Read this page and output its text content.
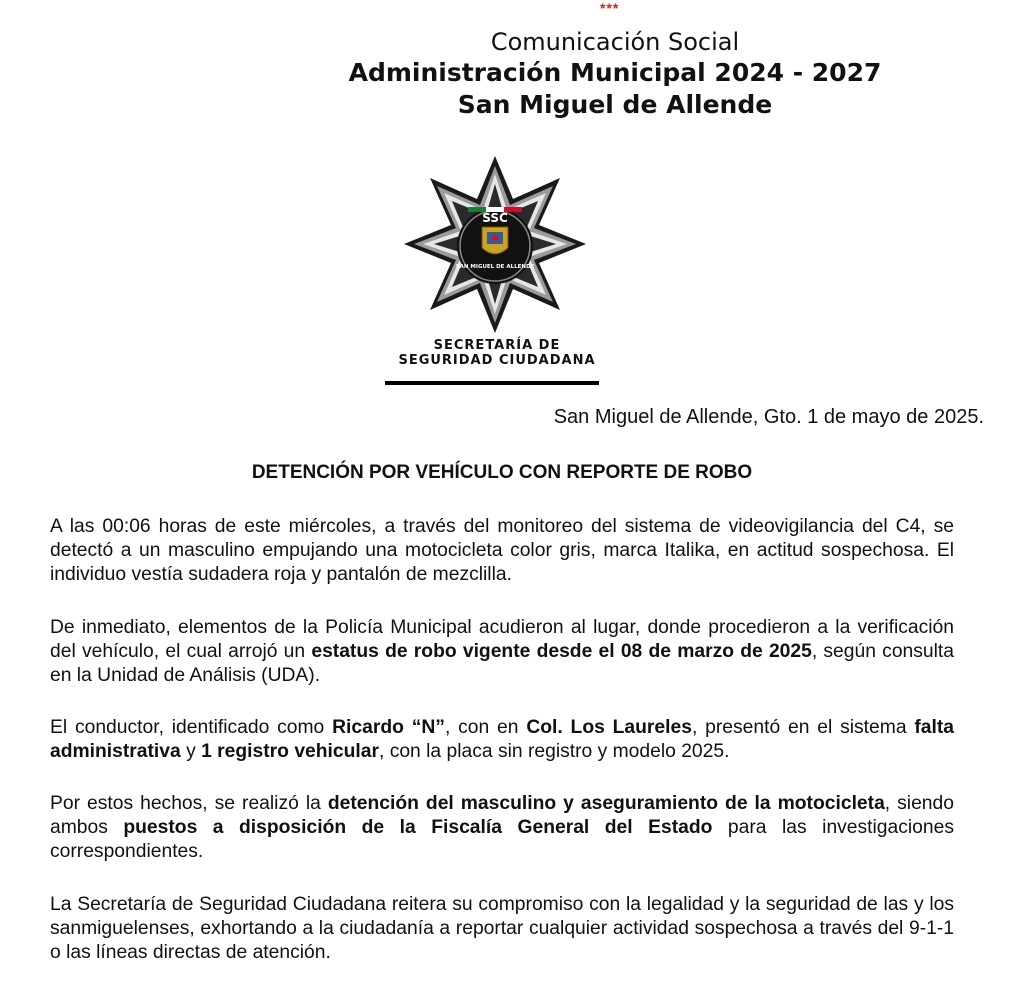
***
Comunicación Social
Administración Municipal 2024 - 2027
San Miguel de Allende
SSC
SAN MIGUEL DE ALLENDE
SECRETARÍA DE
SEGURIDAD CIUDADANA
San Miguel de Allende, Gto. 1 de mayo de 2025.
DETENCIÓN POR VEHÍCULO CON REPORTE DE ROBO
A las 00:06 horas de este miércoles, a través del monitoreo del sistema de videovigilancia del C4, se detectó a un masculino empujando una motocicleta color gris, marca Italika, en actitud sospechosa. El individuo vestía sudadera roja y pantalón de mezclilla.
De inmediato, elementos de la Policía Municipal acudieron al lugar, donde procedieron a la verificación del vehículo, el cual arrojó un estatus de robo vigente desde el 08 de marzo de 2025, según consulta en la Unidad de Análisis (UDA).
El conductor, identificado como Ricardo “N”, con en Col. Los Laureles, presentó en el sistema falta administrativa y 1 registro vehicular, con la placa sin registro y modelo 2025.
Por estos hechos, se realizó la detención del masculino y aseguramiento de la motocicleta, siendo ambos puestos a disposición de la Fiscalía General del Estado para las investigaciones correspondientes.
La Secretaría de Seguridad Ciudadana reitera su compromiso con la legalidad y la seguridad de las y los sanmiguelenses, exhortando a la ciudadanía a reportar cualquier actividad sospechosa a través del 9-1-1 o las líneas directas de atención.
